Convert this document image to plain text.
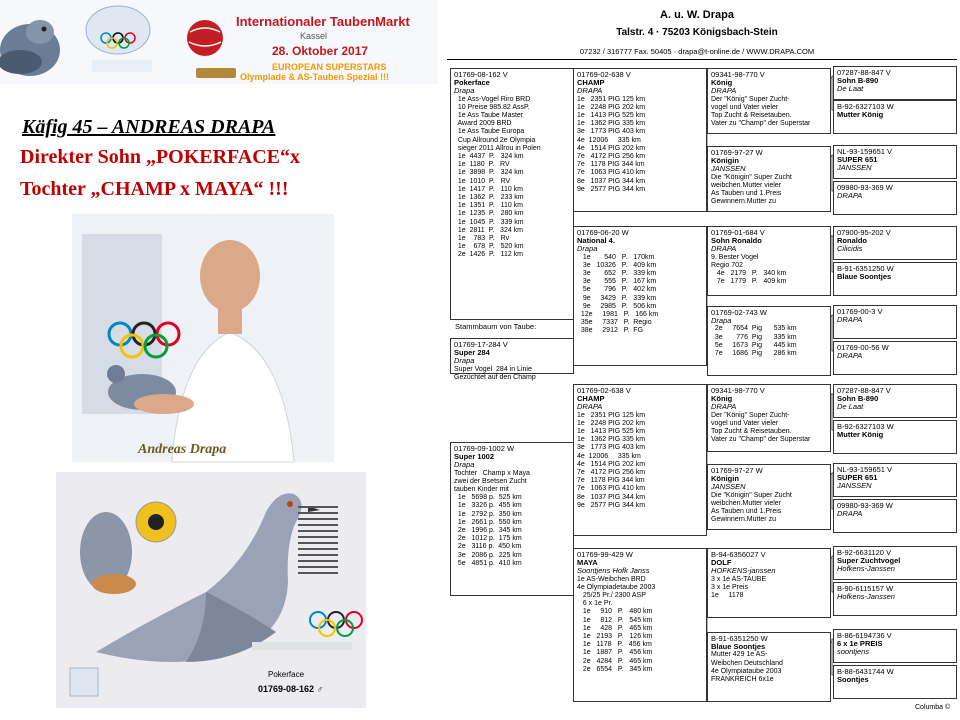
Internationaler TaubenMarkt
Kassel
28. Oktober 2017
EUROPEAN SUPERSTARS
Olympiade & AS-Tauben Spezial !!!
Käfig 45 – ANDREAS DRAPA
Direkter Sohn „POKERFACE“x
Tochter „CHAMP x MAYA“ !!!
Andreas Drapa
Pokerface
01769-08-162 ♂
A. u. W. Drapa
Talstr. 4 · 75203 Königsbach-Stein
07232 / 316777 Fax. 50405 · drapa@t-online.de / WWW.DRAPA.COM
01769-08-162 V
Pokerface
Drapa
1e Ass-Vogel Riro BRD
10 Preise 985.82 AssP.
1e Ass Taube Master
Award 2009 BRD
1e Ass Taube Europa
Cup Allround 2e Olympia
sieger 2011 Allrou in Polen
1e  4437  P.   324 km
1e  1180  P.   RV
1e  3898  P.   324 km
1e  1010  P.   RV
1e  1417  P.   110 km
1e  1362  P.   233 km
1e  1351  P.   110 km
1e  1235  P.   280 km
1e  1045  P.   339 km
1e  2811  P.   324 km
1e    783  P.   Rv
1e    678  P.   520 km
2e  1426  P.   112 km
01769-17-284 V
Super 284
Drapa
Super Vogel  284 in Linie
Gezüchtet auf den Champ
01769-09-1002 W
Super 1002
Drapa
Tochter   Champ x Maya
zwei der Bsetsen Zucht
tauben Kinder mit
1e   5698 p.  525 km
1e   3326 p.  455 km
1e   2792 p.  350 km
1e   2661 p.  550 km
2e   1996 p.  345 km
2e   1012 p.  175 km
2e   3116 p.  450 km
3e   2086 p.  225 km
5e   4851 p.  410 km
01769-02-638 V
CHAMP
DRAPA
1e   2351 PIG 125 km
1e   2248 PIG 202 km
1e   1413 PIG 525 km
1e   1362 PIG 335 km
3e   1773 PIG 403 km
4e  12006     335 km
4e   1514 PIG 202 km
7e   4172 PIG 256 km
7e   1178 PIG 344 km
7e   1063 PIG 410 km
8e   1037 PIG 344 km
9e   2577 PIG 344 km
01769-06-20 W
National 4.
Drapa
1e       540   P.   170km
3e   10326   P.   409 km
3e       652   P.   339 km
3e       555   P.   167 km
5e       796   P.   402 km
9e     3429   P.   339 km
9e     2985   P.   506 km
12e     1981   P.   166 km
35e     7337   P.  Regio
38e     2912   P.  FG
01769-02-638 V
CHAMP
DRAPA
1e   2351 PIG 125 km
1e   2248 PIG 202 km
1e   1413 PIG 525 km
1e   1362 PIG 335 km
3e   1773 PIG 403 km
4e  12006     335 km
4e   1514 PIG 202 km
7e   4172 PIG 256 km
7e   1178 PIG 344 km
7e   1063 PIG 410 km
8e   1037 PIG 344 km
9e   2577 PIG 344 km
01769-99-429 W
MAYA
Soontjens Hofk Janss
1e AS-Weibchen BRD
4e Olympiadetaube 2003
25/25 Pr./ 2300 ASP
6 x 1e Pr.
1e     910   P.   480 km
1e     812   P.   545 km
1e     428   P.   465 km
1e   2193   P.   126 km
1e   1178   P.   456 km
1e   1887   P.   456 km
2e   4284   P.   465 km
2e   6554   P.   345 km
09341-98-770 V
König
DRAPA
Der "König" Super Zucht-
vogel und Vater vieler
Top Zucht & Reisetauben.
Vater zu "Champ" der Superstar
01769-97-27 W
Königin
JANSSEN
Die "Königin" Super Zucht
weibchen.Mutter vieler
As Tauben und 1.Preis
Gewinnern.Mutter zu
01769-01-684 V
Sohn Ronaldo
DRAPA
9. Bester Vogel
Regio 702
4e   2179   P.   340 km
7e   1779   P.   409 km
01769-02-743 W
Drapa
2e     7654  Pig      535 km
3e       776  Pig      335 km
5e     1673  Pig      445 km
7e     1686  Pig      286 km
09341-98-770 V
König
DRAPA
Der "König" Super Zucht-
vogel und Vater vieler
Top Zucht & Reisetauben.
Vater zu "Champ" der Superstar
01769-97-27 W
Königin
JANSSEN
Die "Königin" Super Zucht
weibchen.Mutter vieler
As Tauben und 1.Preis
Gewinnern.Mutter zu
B-94-6356027 V
DOLF
HOFKENS-janssen
3 x 1e AS-TAUBE
3 x 1e Preis
1e     1178
B-91-6351250 W
Blaue Soontjes
Mutter 429 1e AS-
Weibchen Deutschland
4e Olympiataube 2003
FRANKREICH 6x1e
07287-88-847 V
Sohn B-890
De Laat
B-92-6327103 W
Mutter König
NL-93-159651 V
SUPER 651
JANSSEN
09980-93-369 W
DRAPA
07900-95-202 V
Ronaldo
Cilicidis
B-91-6351250 W
Blaue Soontjes
01769-00-3 V
DRAPA
01769-00-56 W
DRAPA
07287-88-847 V
Sohn B-890
De Laat
B-92-6327103 W
Mutter König
NL-93-159651 V
SUPER 651
JANSSEN
09980-93-369 W
DRAPA
B-92-6631120 V
Super Zuchtvogel
Hofkens-Janssen
B-90-6115157 W
Hofkens-Janssen
B-86-6194736 V
6 x 1e PREIS
soontjens
B-88-6431744 W
Soontjes
Stammbaum von Taube:
Columba ©
